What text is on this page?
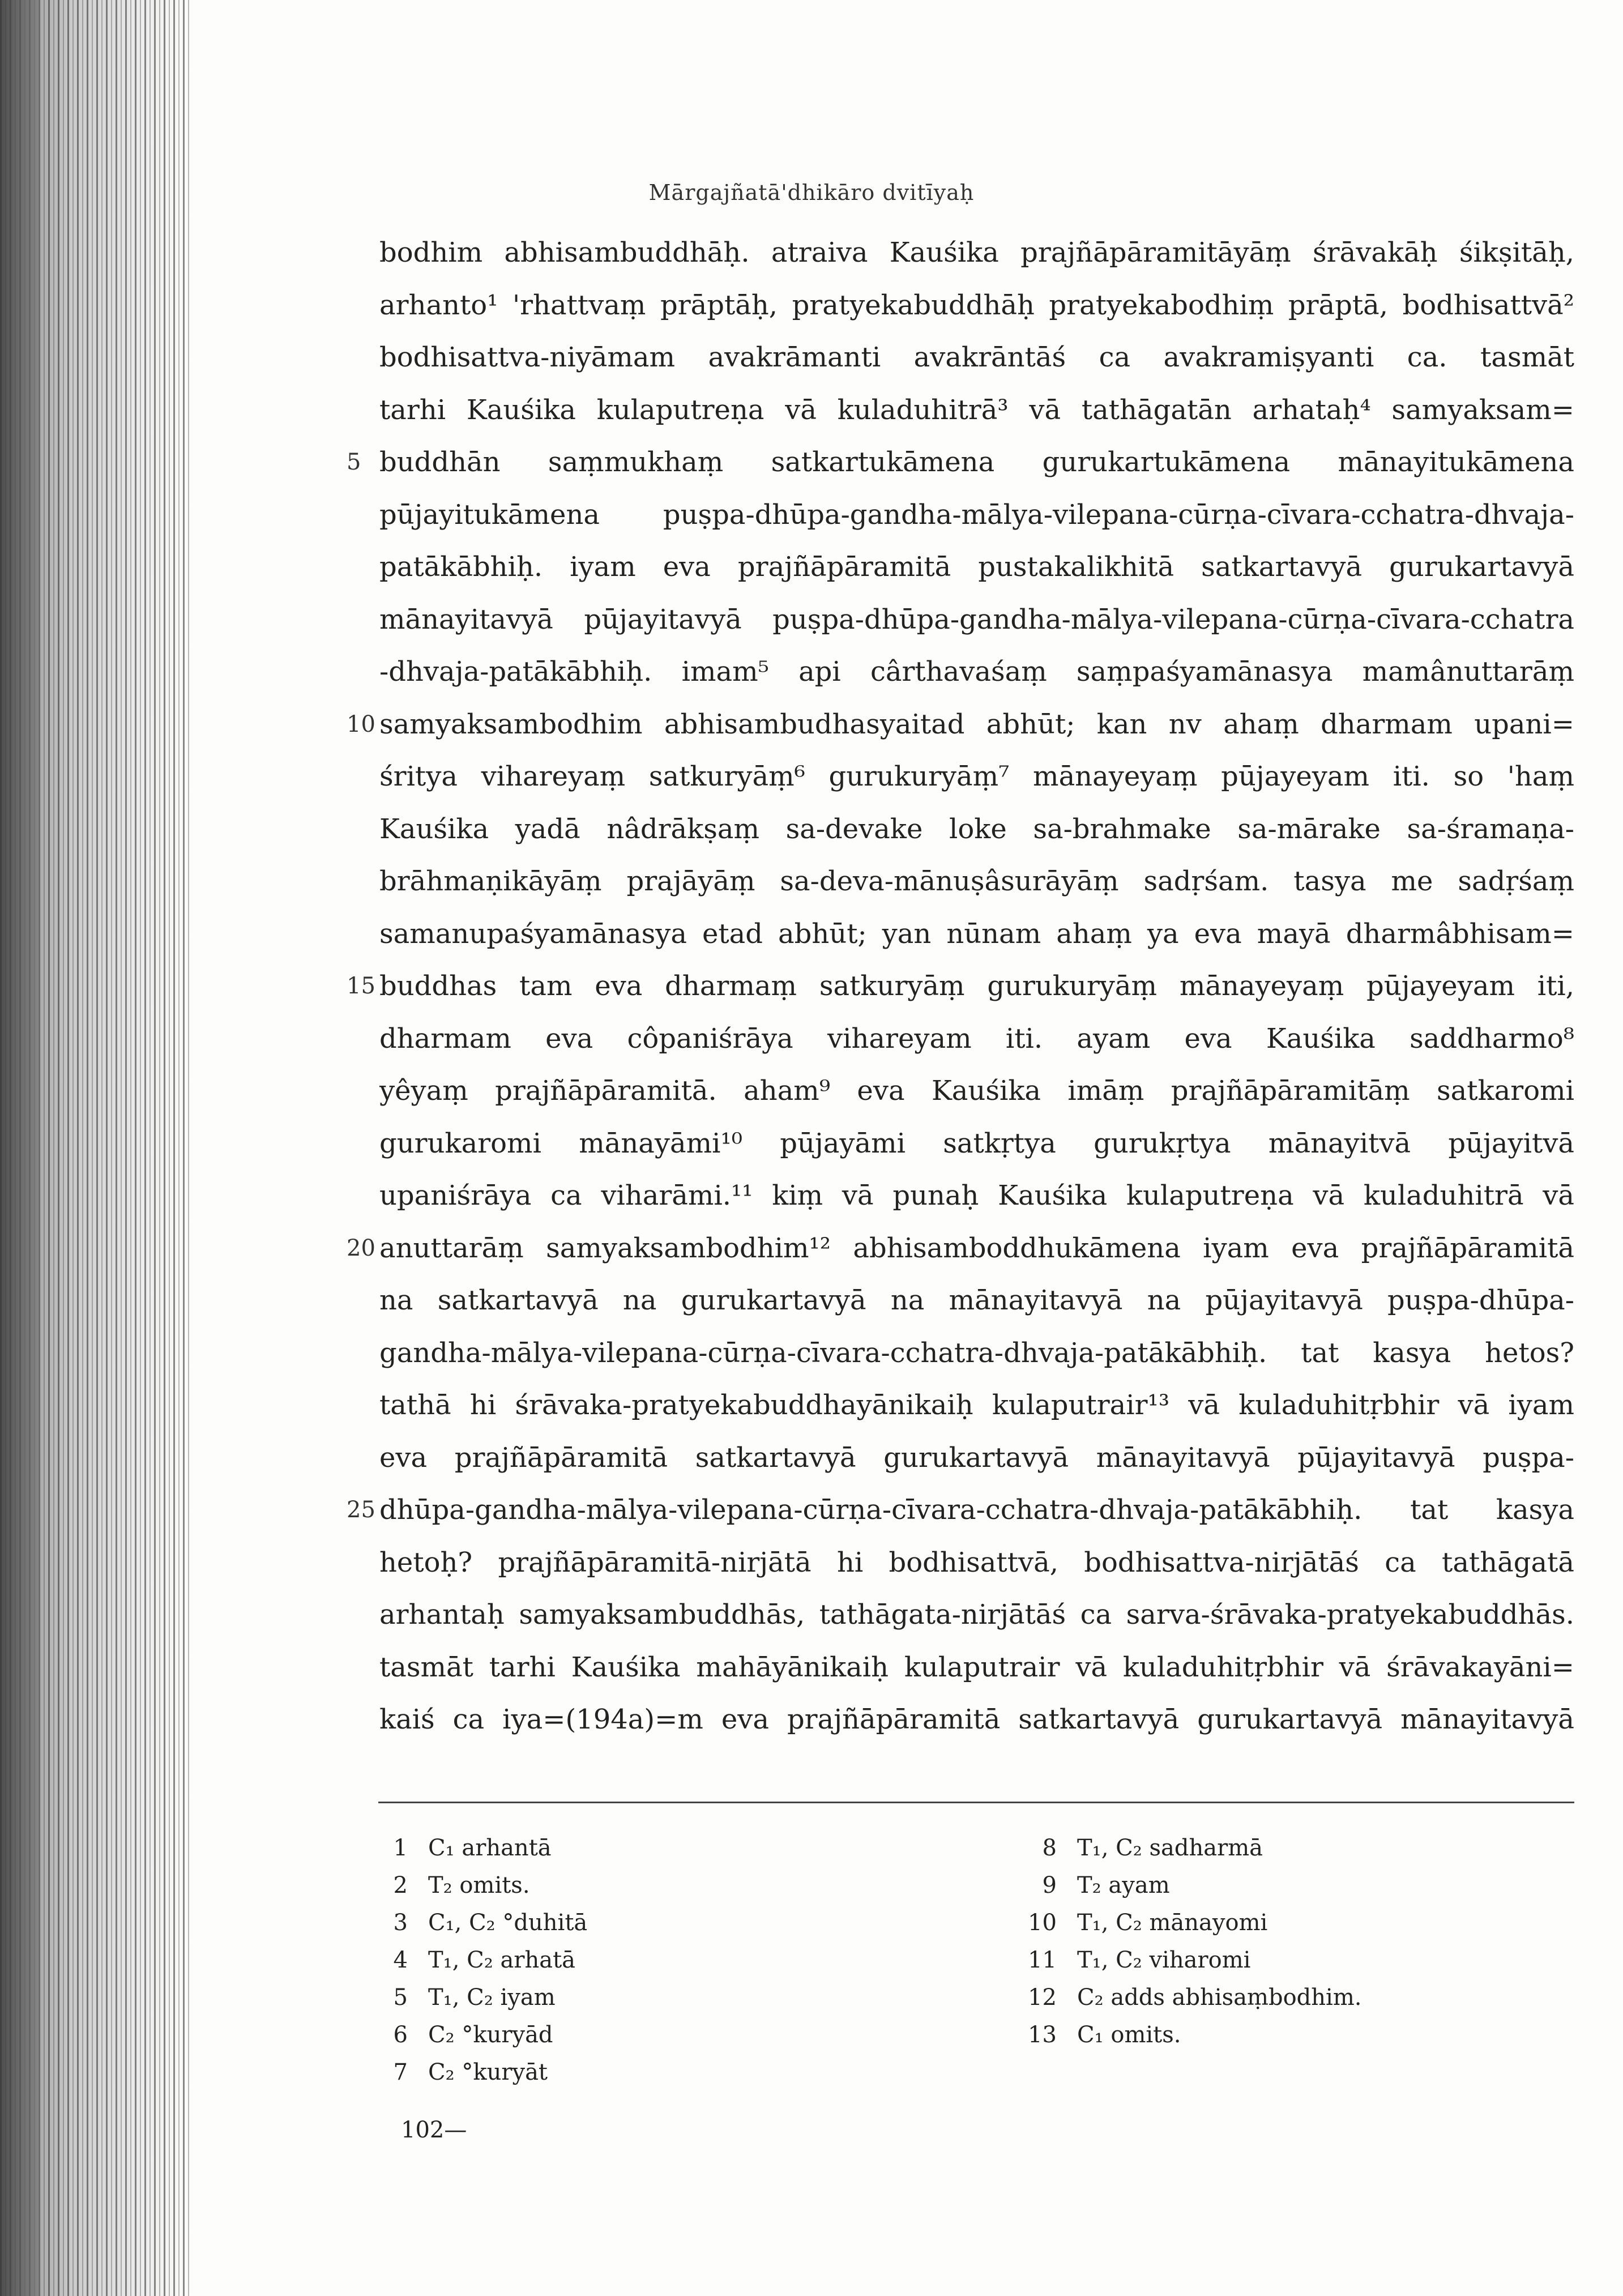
Mārgajñatā'dhikāro dvitīyaḥ
bodhim abhisambuddhāḥ. atraiva Kauśika prajñāpāramitāyāṃ śrāvakāḥ śikṣitāḥ,
arhanto¹ 'rhattvaṃ prāptāḥ, pratyekabuddhāḥ pratyekabodhiṃ prāptā, bodhisattvā²
bodhisattva-niyāmam avakrāmanti avakrāntāś ca avakramiṣyanti ca. tasmāt
tarhi Kauśika kulaputreṇa vā kuladuhitrā³ vā tathāgatān arhataḥ⁴ samyaksam=
buddhān saṃmukhaṃ satkartukāmena gurukartukāmena mānayitukāmena
5
pūjayitukāmena puṣpa-dhūpa-gandha-mālya-vilepana-cūrṇa-cīvara-cchatra-dhvaja-
patākābhiḥ. iyam eva prajñāpāramitā pustakalikhitā satkartavyā gurukartavyā
mānayitavyā pūjayitavyā puṣpa-dhūpa-gandha-mālya-vilepana-cūrṇa-cīvara-cchatra
-dhvaja-patākābhiḥ. imam⁵ api cârthavaśaṃ saṃpaśyamānasya mamânuttarāṃ
samyaksambodhim abhisambudhasyaitad abhūt; kan nv ahaṃ dharmam upani=
10
śritya vihareyaṃ satkuryāṃ⁶ gurukuryāṃ⁷ mānayeyaṃ pūjayeyam iti. so 'haṃ
Kauśika yadā nâdrākṣaṃ sa-devake loke sa-brahmake sa-mārake sa-śramaṇa-
brāhmaṇikāyāṃ prajāyāṃ sa-deva-mānuṣâsurāyāṃ sadṛśam. tasya me sadṛśaṃ
samanupaśyamānasya etad abhūt; yan nūnam ahaṃ ya eva mayā dharmâbhisam=
buddhas tam eva dharmaṃ satkuryāṃ gurukuryāṃ mānayeyaṃ pūjayeyam iti,
15
dharmam eva côpaniśrāya vihareyam iti. ayam eva Kauśika saddharmo⁸
yêyaṃ prajñāpāramitā. aham⁹ eva Kauśika imāṃ prajñāpāramitāṃ satkaromi
gurukaromi mānayāmi¹⁰ pūjayāmi satkṛtya gurukṛtya mānayitvā pūjayitvā
upaniśrāya ca viharāmi.¹¹ kiṃ vā punaḥ Kauśika kulaputreṇa vā kuladuhitrā vā
anuttarāṃ samyaksambodhim¹² abhisamboddhukāmena iyam eva prajñāpāramitā
20
na satkartavyā na gurukartavyā na mānayitavyā na pūjayitavyā puṣpa-dhūpa-
gandha-mālya-vilepana-cūrṇa-cīvara-cchatra-dhvaja-patākābhiḥ. tat kasya hetos?
tathā hi śrāvaka-pratyekabuddhayānikaiḥ kulaputrair¹³ vā kuladuhitṛbhir vā iyam
eva prajñāpāramitā satkartavyā gurukartavyā mānayitavyā pūjayitavyā puṣpa-
dhūpa-gandha-mālya-vilepana-cūrṇa-cīvara-cchatra-dhvaja-patākābhiḥ. tat kasya
25
hetoḥ? prajñāpāramitā-nirjātā hi bodhisattvā, bodhisattva-nirjātāś ca tathāgatā
arhantaḥ samyaksambuddhās, tathāgata-nirjātāś ca sarva-śrāvaka-pratyekabuddhās.
tasmāt tarhi Kauśika mahāyānikaiḥ kulaputrair vā kuladuhitṛbhir vā śrāvakayāni=
kaiś ca iya=(194a)=m eva prajñāpāramitā satkartavyā gurukartavyā mānayitavyā
1 C₁ arhantā
2 T₂ omits.
3 C₁, C₂ °duhitā
4 T₁, C₂ arhatā
5 T₁, C₂ iyam
6 C₂ °kuryād
7 C₂ °kuryāt
8 T₁, C₂ sadharmā
9 T₂ ayam
10 T₁, C₂ mānayomi
11 T₁, C₂ viharomi
12 C₂ adds abhisaṃbodhim.
13 C₁ omits.
102—
